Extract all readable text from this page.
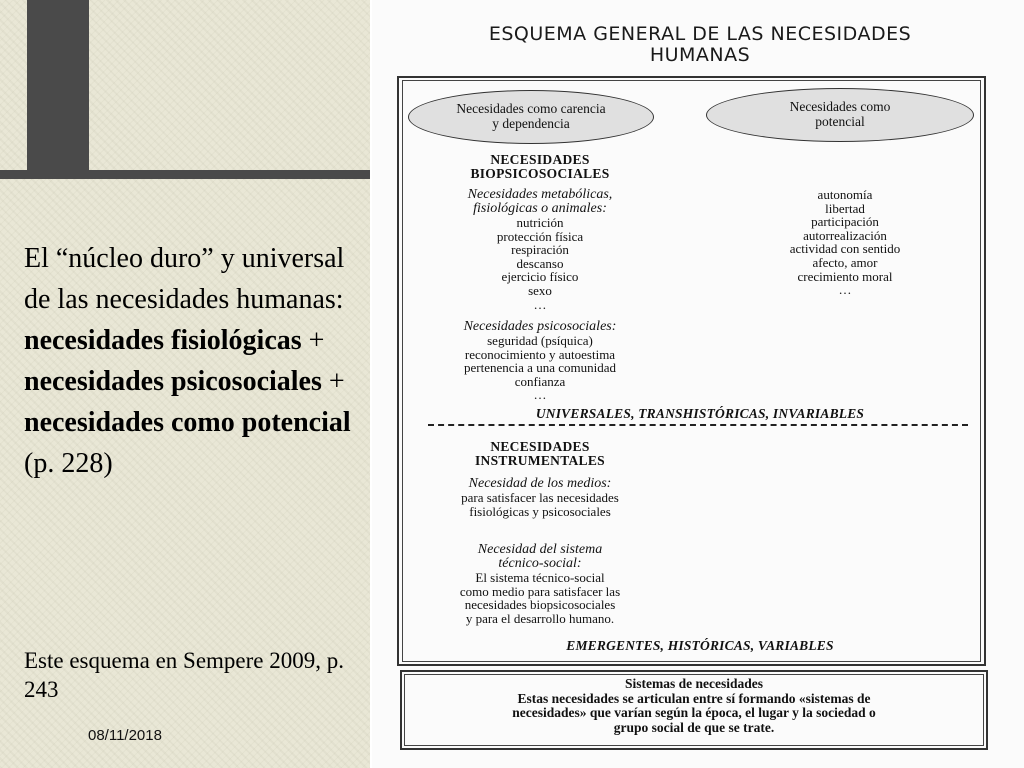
El “núcleo duro” y universal de las necesidades humanas: necesidades fisiológicas + necesidades psicosociales + necesidades como potencial (p. 228)
Este esquema en Sempere 2009, p. 243
08/11/2018
ESQUEMA GENERAL DE LAS NECESIDADES
HUMANAS
Necesidades como carencia
y dependencia
Necesidades como
potencial
NECESIDADES
BIOPSICOSOCIALES
Necesidades metabólicas,
fisiológicas o animales:
nutrición
protección física
respiración
descanso
ejercicio físico
sexo
…
Necesidades psicosociales:
seguridad (psíquica)
reconocimiento y autoestima
pertenencia a una comunidad
confianza
…
autonomía
libertad
participación
autorrealización
actividad con sentido
afecto, amor
crecimiento moral
…
UNIVERSALES, TRANSHISTÓRICAS, INVARIABLES
NECESIDADES
INSTRUMENTALES
Necesidad de los medios:
para satisfacer las necesidades
fisiológicas y psicosociales
Necesidad del sistema
técnico-social:
El sistema técnico-social
como medio para satisfacer las
necesidades biopsicosociales
y para el desarrollo humano.
EMERGENTES, HISTÓRICAS, VARIABLES
Sistemas de necesidades
Estas necesidades se articulan entre sí formando «sistemas de
necesidades» que varían según la época, el lugar y la sociedad o
grupo social de que se trate.
